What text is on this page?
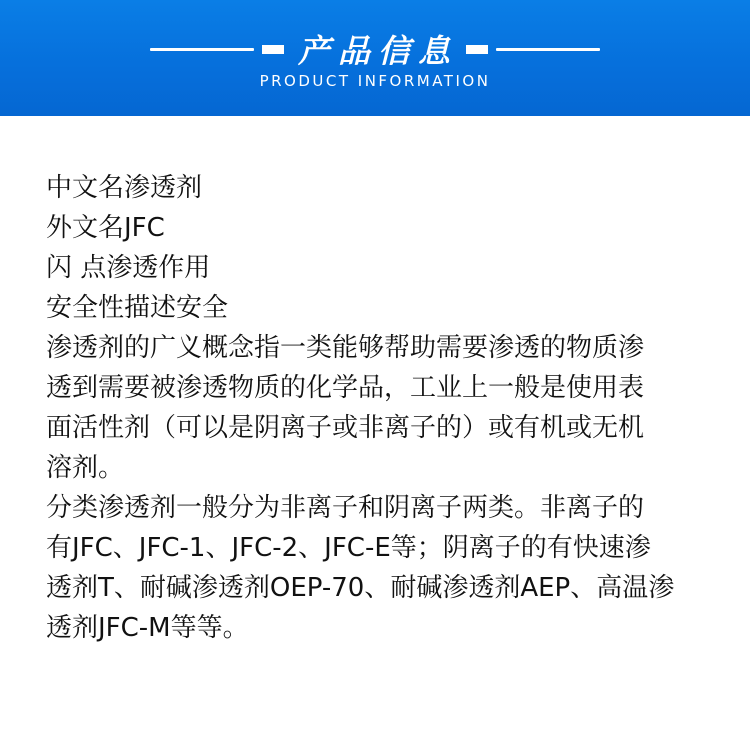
产品信息
PRODUCT INFORMATION
中文名渗透剂
外文名JFC
闪 点渗透作用
安全性描述安全
渗透剂的广义概念指一类能够帮助需要渗透的物质渗
透到需要被渗透物质的化学品，工业上一般是使用表
面活性剂（可以是阴离子或非离子的）或有机或无机
溶剂。
分类渗透剂一般分为非离子和阴离子两类。非离子的
有JFC、JFC-1、JFC-2、JFC-E等；阴离子的有快速渗
透剂T、耐碱渗透剂OEP-70、耐碱渗透剂AEP、高温渗
透剂JFC-M等等。
